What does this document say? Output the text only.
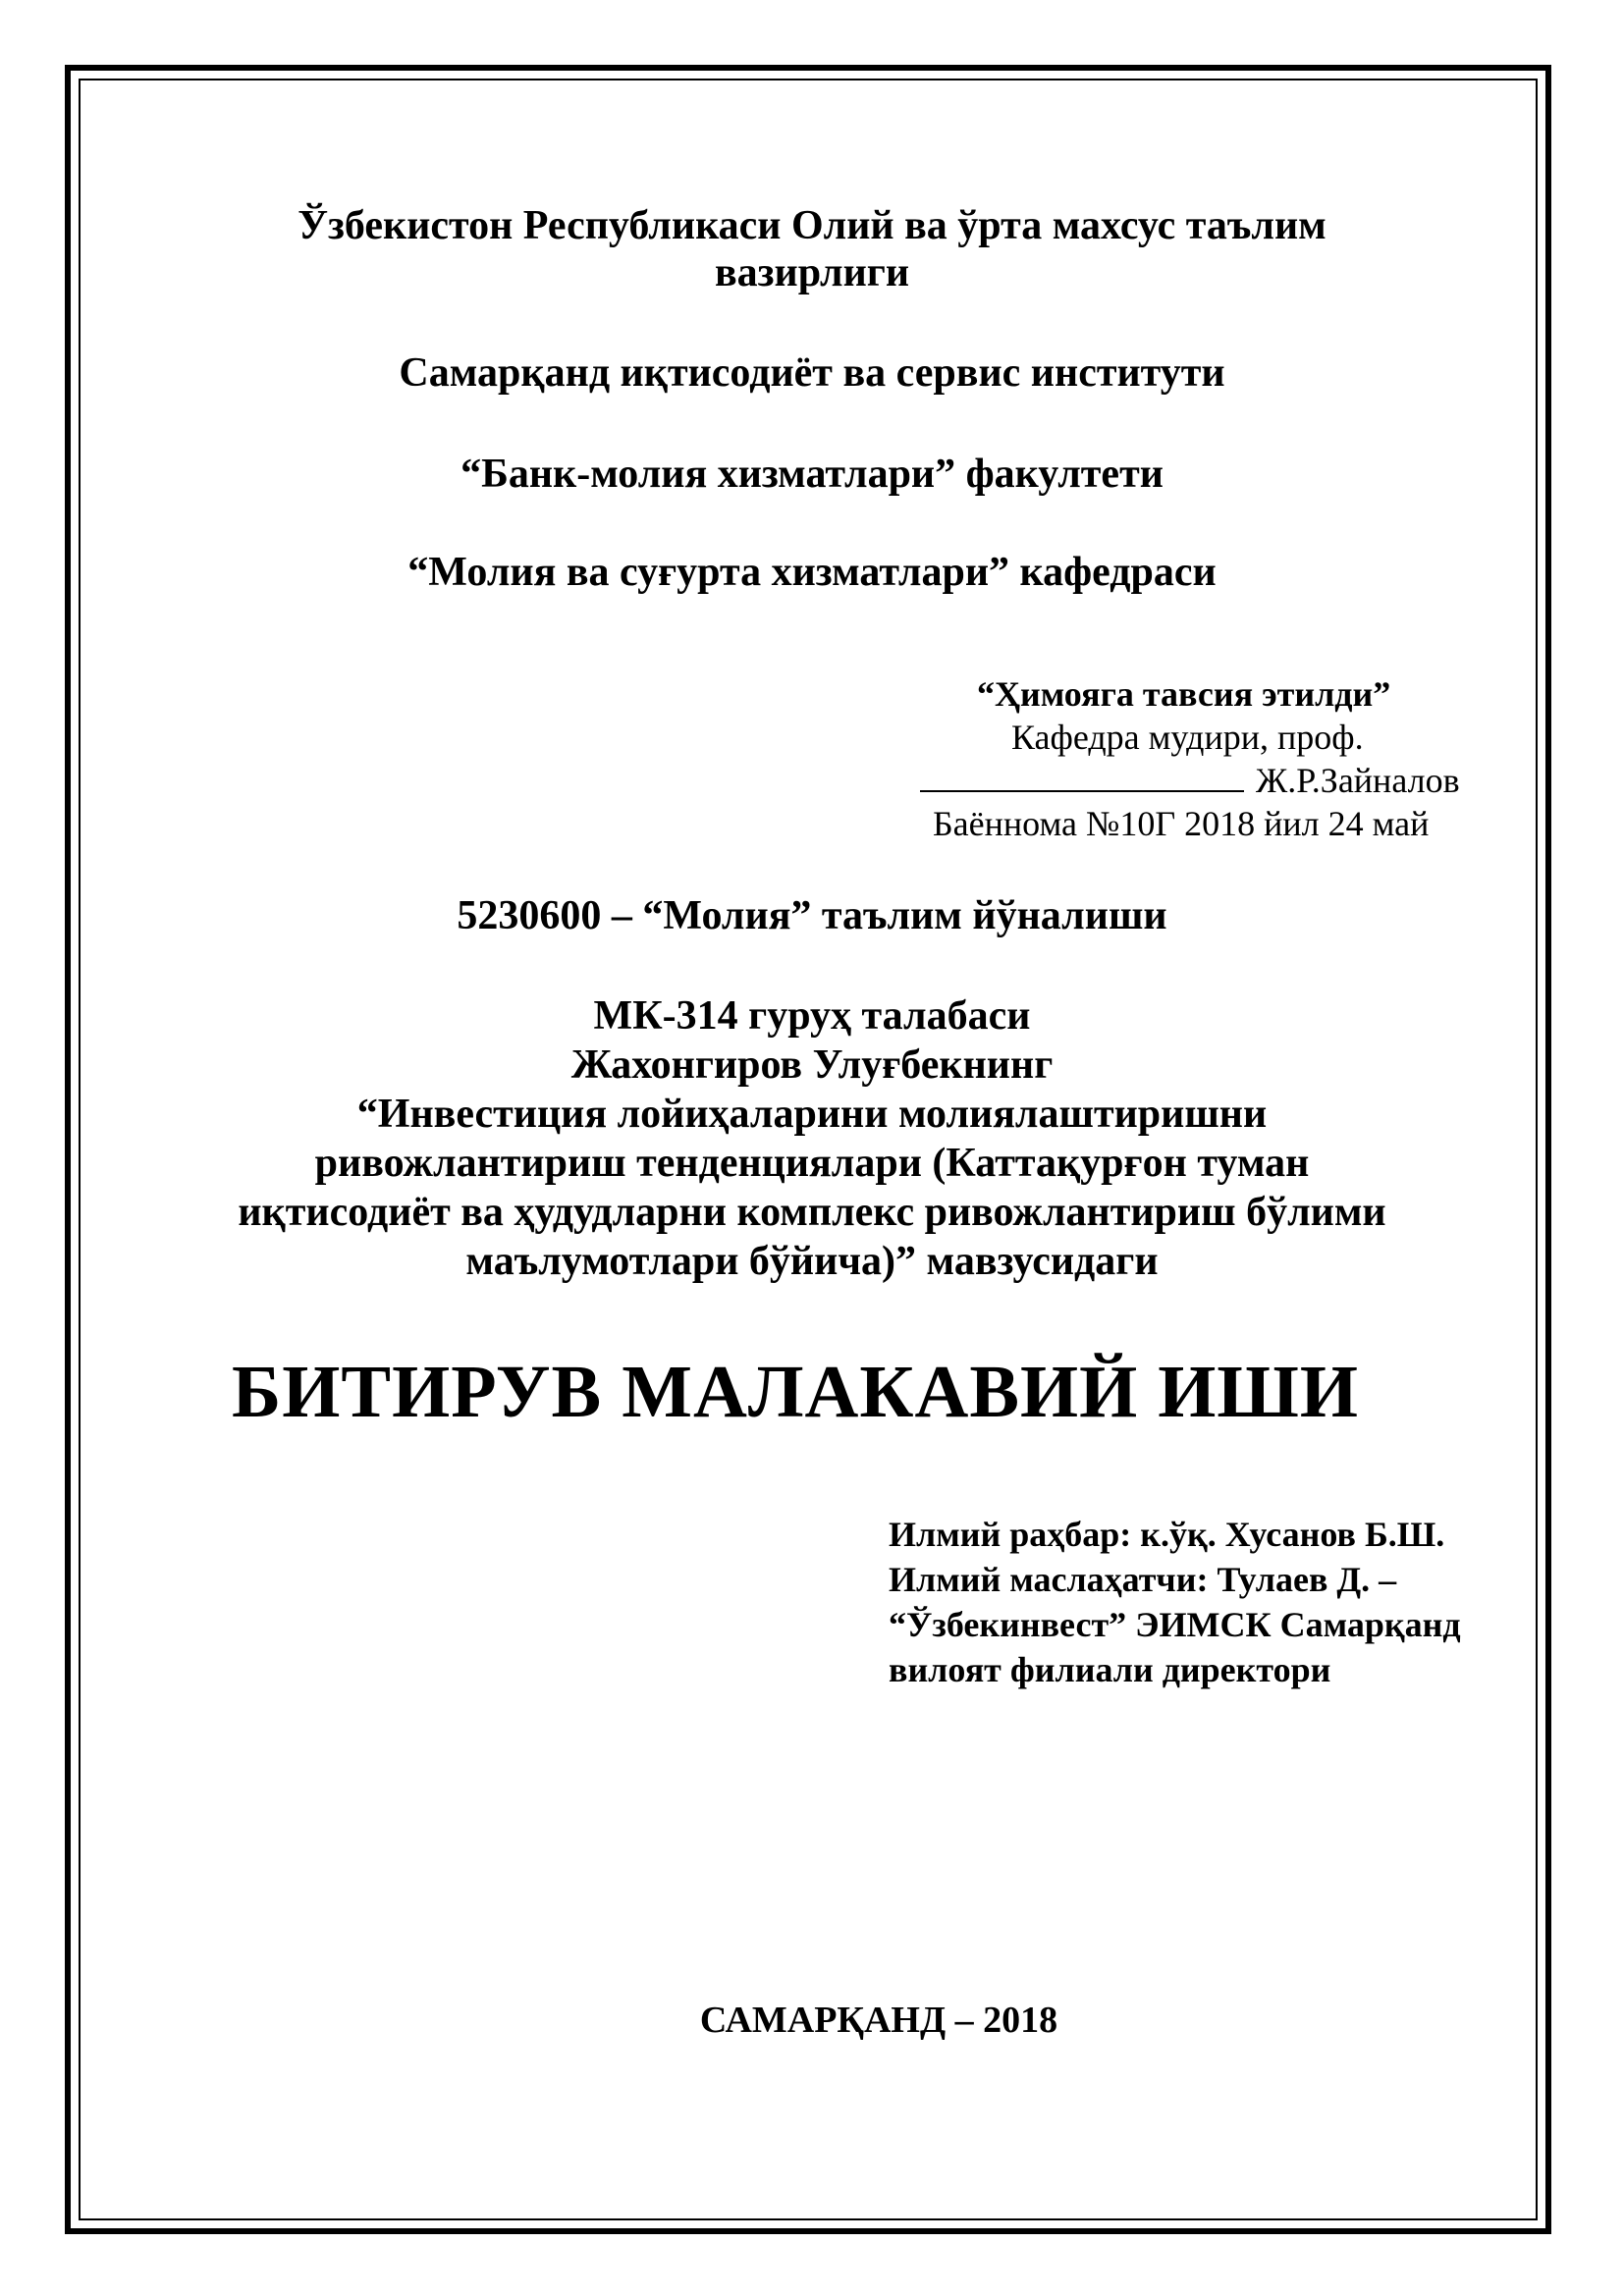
Ўзбекистон Республикаси Олий ва ўрта махсус таълим
вазирлиги
Самарқанд иқтисодиёт ва сервис институти
“Банк-молия хизматлари” факултети
“Молия ва суғурта хизматлари” кафедраси
“Ҳимояга тавсия этилди”
Кафедра мудири, проф.
Ж.Р.Зайналов
Баённома №10Г 2018 йил 24 май
5230600 – “Молия” таълим йўналиши
МК-314 гуруҳ талабаси
Жахонгиров Улуғбекнинг
“Инвестиция лойиҳаларини молиялаштиришни
ривожлантириш тенденциялари (Каттақурғон туман
иқтисодиёт ва ҳудудларни комплекс ривожлантириш бўлими
маълумотлари бўйича)” мавзусидаги
БИТИРУВ МАЛАКАВИЙ ИШИ
Илмий раҳбар: к.ўқ. Хусанов Б.Ш.
Илмий маслаҳатчи: Тулаев Д. –
“Ўзбекинвест” ЭИМСК Самарқанд
вилоят филиали директори
САМАРҚАНД – 2018
